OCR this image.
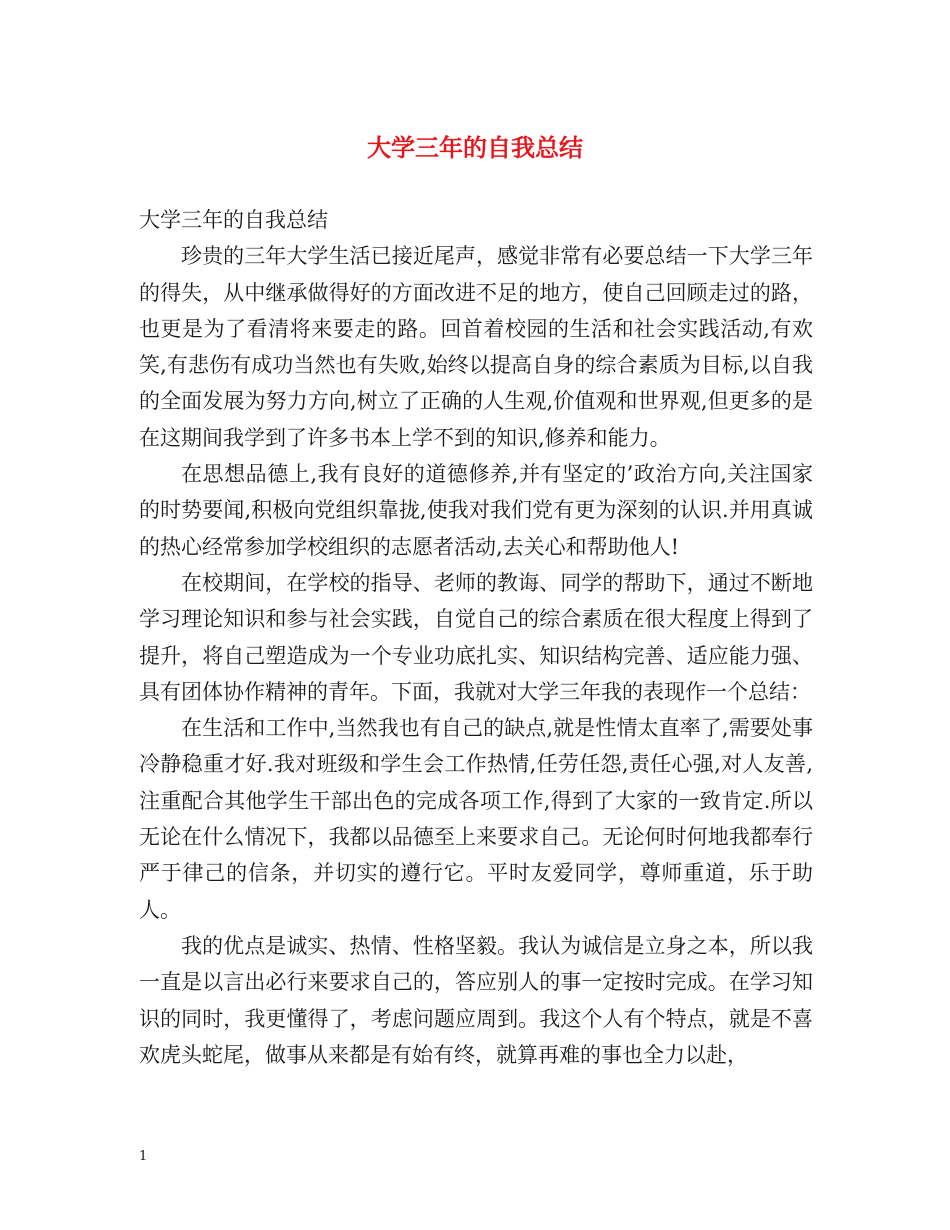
大学三年的自我总结

大学三年的自我总结

珍贵的三年大学生活已接近尾声，感觉非常有必要总结一下大学三年的得失，从中继承做得好的方面改进不足的地方，使自己回顾走过的路，也更是为了看清将来要走的路。回首着校园的生活和社会实践活动,有欢笑,有悲伤有成功当然也有失败,始终以提高自身的综合素质为目标,以自我的全面发展为努力方向,树立了正确的人生观,价值观和世界观,但更多的是在这期间我学到了许多书本上学不到的知识,修养和能力。

在思想品德上,我有良好的道德修养,并有坚定的’政治方向,关注国家的时势要闻,积极向党组织靠拢,使我对我们党有更为深刻的认识.并用真诚的热心经常参加学校组织的志愿者活动,去关心和帮助他人!

在校期间，在学校的指导、老师的教诲、同学的帮助下，通过不断地学习理论知识和参与社会实践，自觉自己的综合素质在很大程度上得到了提升，将自己塑造成为一个专业功底扎实、知识结构完善、适应能力强、具有团体协作精神的青年。下面，我就对大学三年我的表现作一个总结：

在生活和工作中,当然我也有自己的缺点,就是性情太直率了,需要处事冷静稳重才好.我对班级和学生会工作热情,任劳任怨,责任心强,对人友善,注重配合其他学生干部出色的完成各项工作,得到了大家的一致肯定.所以无论在什么情况下，我都以品德至上来要求自己。无论何时何地我都奉行严于律己的信条，并切实的遵行它。平时友爱同学，尊师重道，乐于助人。

我的优点是诚实、热情、性格坚毅。我认为诚信是立身之本，所以我一直是以言出必行来要求自己的，答应别人的事一定按时完成。在学习知识的同时，我更懂得了，考虑问题应周到。我这个人有个特点，就是不喜欢虎头蛇尾，做事从来都是有始有终，就算再难的事也全力以赴，

1
